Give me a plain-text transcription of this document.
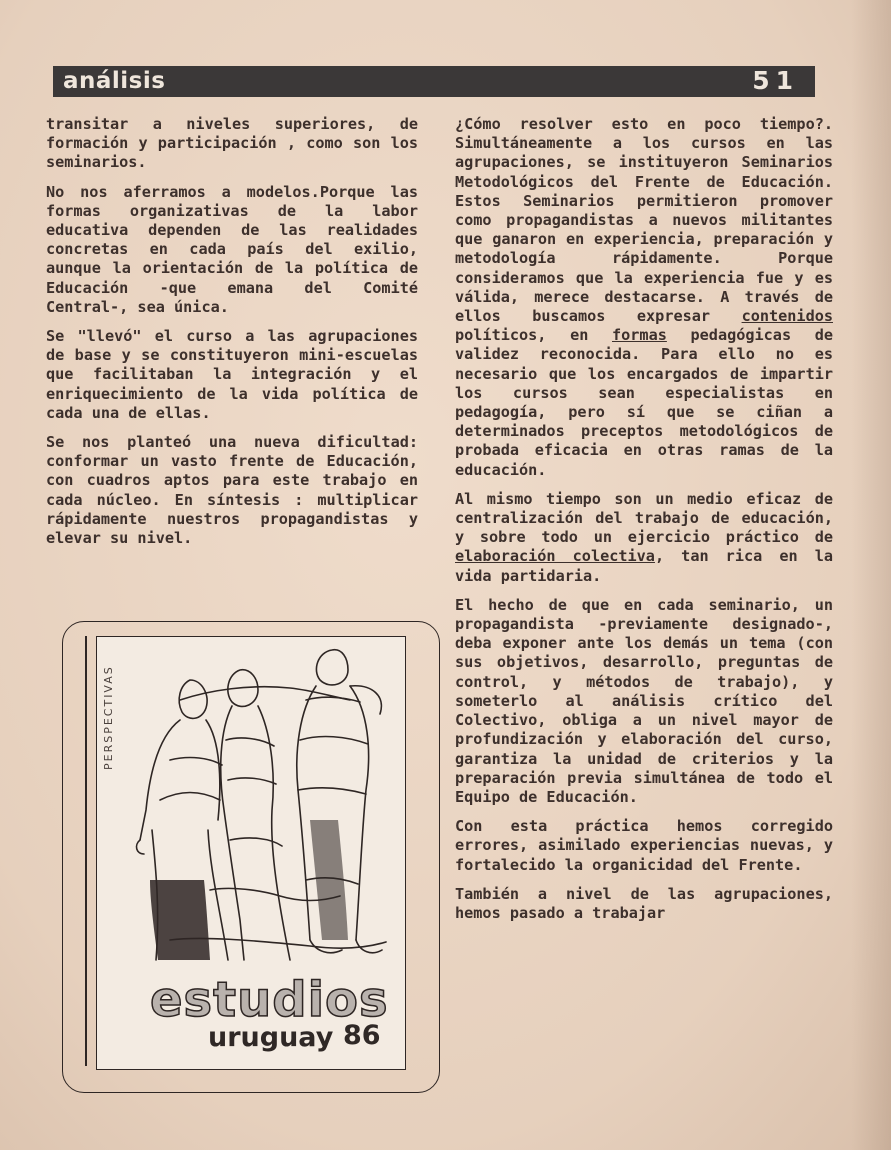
análisis	51

transitar a niveles superiores, de formación y participación , como son los seminarios.

No nos aferramos a modelos.Porque las formas organizativas de la labor educativa dependen de las realidades concretas en cada país del exilio, aunque la orientación de la política de Educación -que emana del Comité Central-, sea única.

Se "llevó" el curso a las agrupaciones de base y se constituyeron mini-escuelas que facilitaban la integración y el enriquecimiento de la vida política de cada una de ellas.

Se nos planteó una nueva dificultad: conformar un vasto frente de Educación, con cuadros aptos para este trabajo en cada núcleo. En síntesis : multiplicar rápidamente nuestros propagandistas y elevar su nivel.

¿Cómo resolver esto en poco tiempo?. Simultáneamente a los cursos en las agrupaciones, se instituyeron Seminarios Metodológicos del Frente de Educación. Estos Seminarios permitieron promover como propagandistas a nuevos militantes que ganaron en experiencia, preparación y metodología rápidamente. Porque consideramos que la experiencia fue y es válida, merece destacarse. A través de ellos buscamos expresar contenidos políticos, en formas pedagógicas de validez reconocida. Para ello no es necesario que los encargados de impartir los cursos sean especialistas en pedagogía, pero sí que se ciñan a determinados preceptos metodológicos de probada eficacia en otras ramas de la educación.

Al mismo tiempo son un medio eficaz de centralización del trabajo de educación, y sobre todo un ejercicio práctico de elaboración colectiva, tan rica en la vida partidaria.

El hecho de que en cada seminario, un propagandista -previamente designado-, deba exponer ante los demás un tema (con sus objetivos, desarrollo, preguntas de control, y métodos de trabajo), y someterlo al análisis crítico del Colectivo, obliga a un nivel mayor de profundización y elaboración del curso, garantiza la unidad de criterios y la preparación previa simultánea de todo el Equipo de Educación.

Con esta práctica hemos corregido errores, asimilado experiencias nuevas, y fortalecido la organicidad del Frente.

También a nivel de las agrupaciones, hemos pasado a trabajar

PERSPECTIVAS
estudios
uruguay 86
